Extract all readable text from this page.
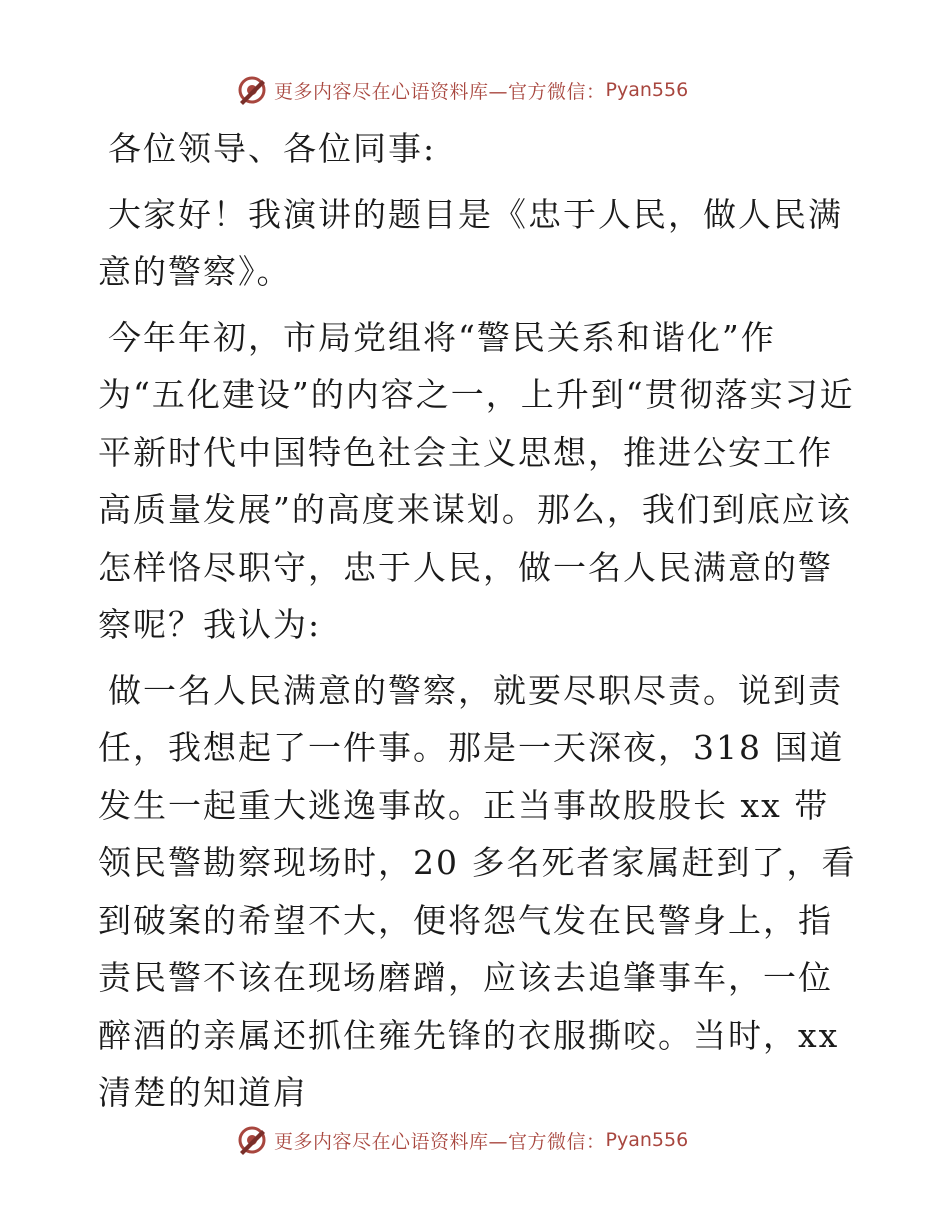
更多内容尽在心语资料库—官方微信： Pyan556

各位领导、各位同事:

大家好！我演讲的题目是《忠于人民，做人民满意的警察》。

今年年初，市局党组将“警民关系和谐化”作为“五化建设”的内容之一，上升到“贯彻落实习近平新时代中国特色社会主义思想，推进公安工作高质量发展”的高度来谋划。那么，我们到底应该怎样恪尽职守，忠于人民，做一名人民满意的警察呢？我认为:

做一名人民满意的警察，就要尽职尽责。说到责任，我想起了一件事。那是一天深夜，318 国道发生一起重大逃逸事故。正当事故股股长 xx 带领民警勘察现场时，20 多名死者家属赶到了，看到破案的希望不大，便将怨气发在民警身上，指责民警不该在现场磨蹭，应该去追肇事车，一位醉酒的亲属还抓住雍先锋的衣服撕咬。当时，xx 清楚的知道肩

更多内容尽在心语资料库—官方微信： Pyan556
